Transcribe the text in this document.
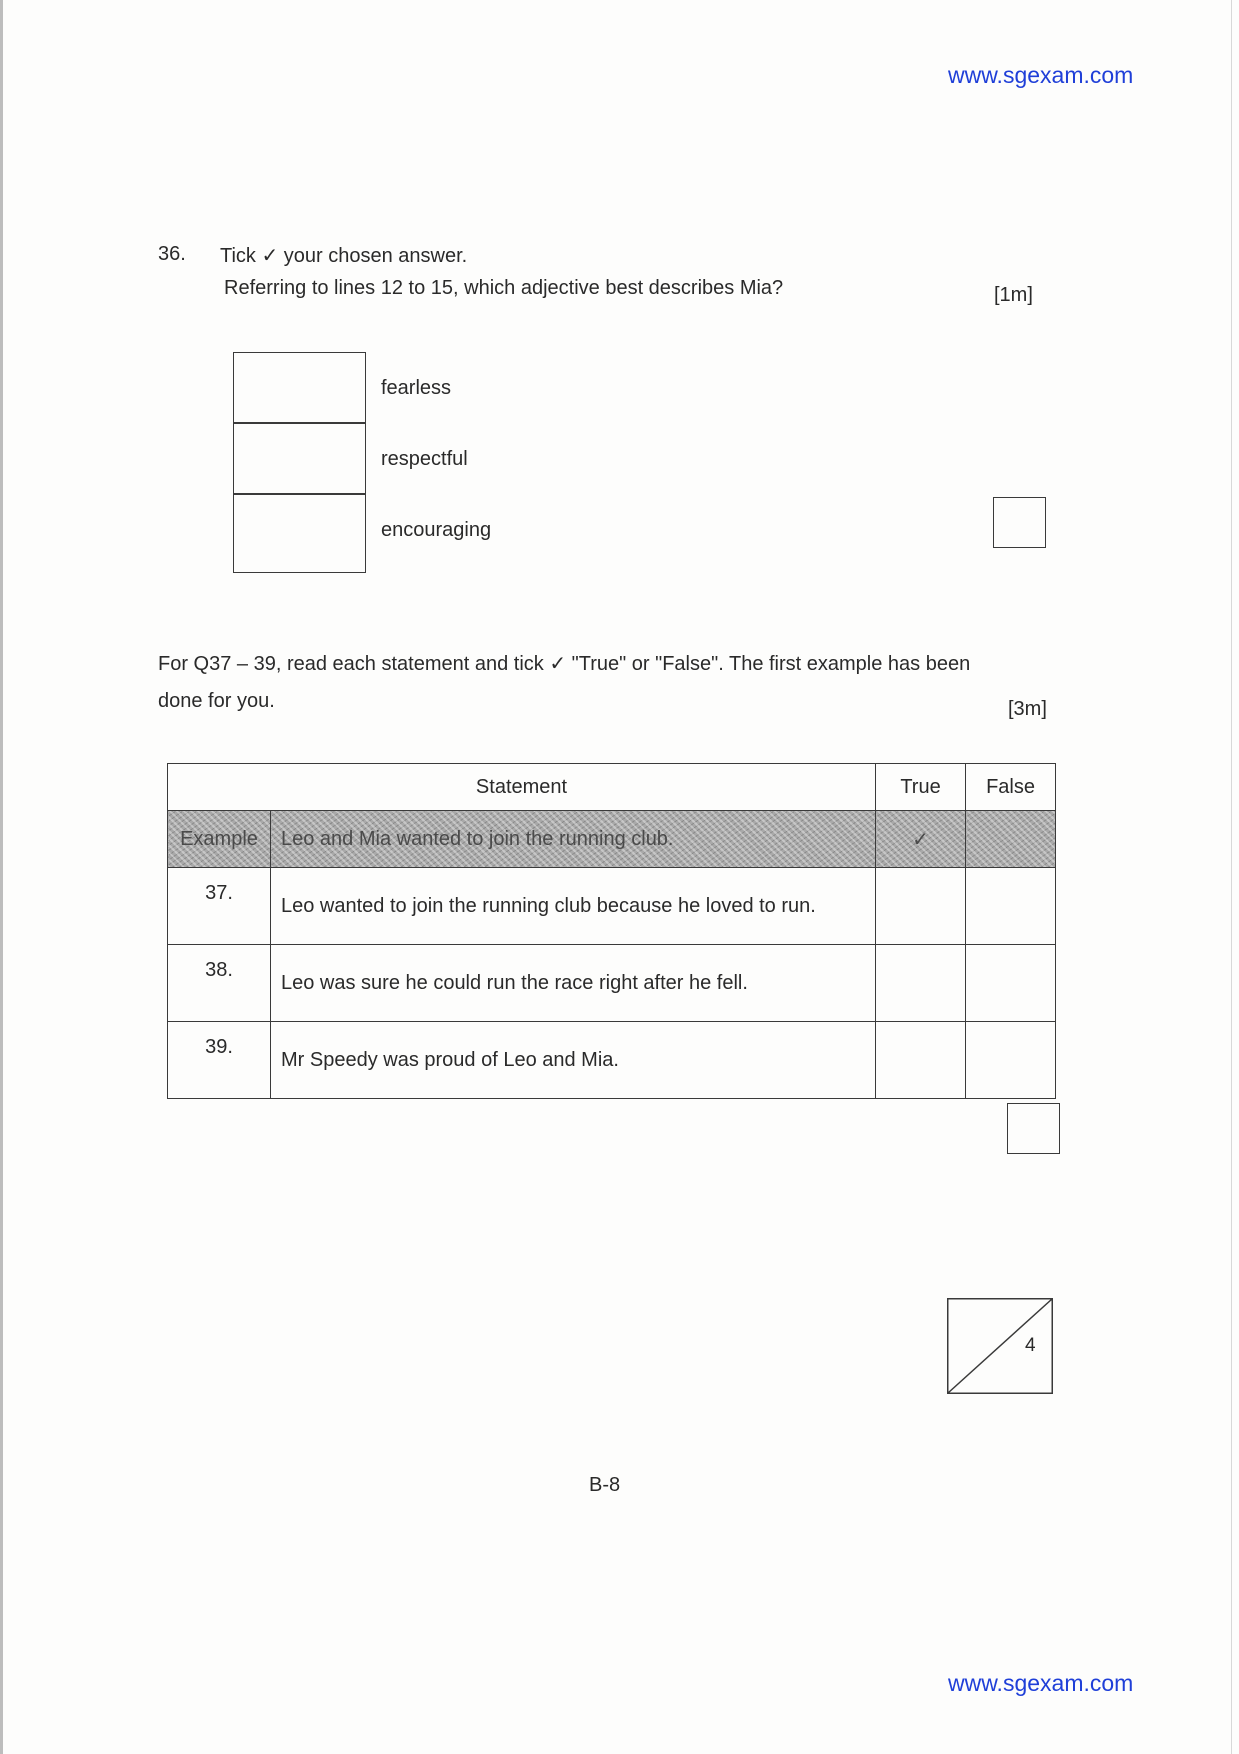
www.sgexam.com
36. Tick ✓ your chosen answer.
Referring to lines 12 to 15, which adjective best describes Mia?	[1m]
fearless
respectful
encouraging
For Q37 – 39, read each statement and tick ✓ "True" or "False". The first example has been
done for you.	[3m]
Statement		True	False
Example	Leo and Mia wanted to join the running club.	✓	
37.	Leo wanted to join the running club because he loved to run.		
38.	Leo was sure he could run the race right after he fell.		
39.	Mr Speedy was proud of Leo and Mia.		
4
B-8
www.sgexam.com
